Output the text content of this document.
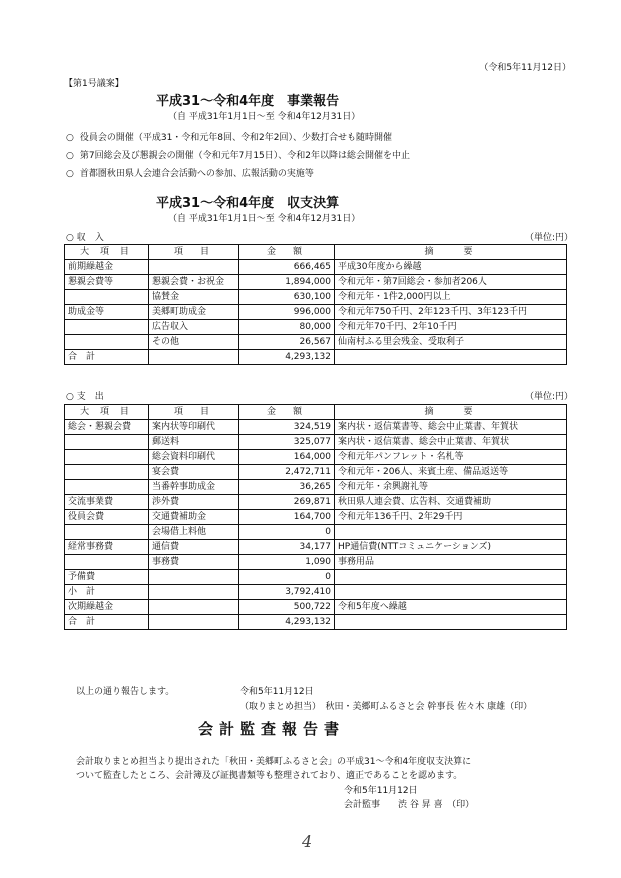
（令和5年11月12日）
【第1号議案】
平成31～令和4年度　事業報告
（自 平成31年1月1日～至 令和4年12月31日）
○ 役員会の開催（平成31・令和元年8回、令和2年2回）、少数打合せも随時開催
○ 第7回総会及び懇親会の開催（令和元年7月15日）、令和2年以降は総会開催を中止
○ 首都圏秋田県人会連合会活動への参加、広報活動の実施等
平成31～令和4年度　収支決算
（自 平成31年1月1日～至 令和4年12月31日）
○ 収　入	（単位:円）
大 項 目	項　目	金　額	摘　　要
前期繰越金		666,465	平成30年度から繰越
懇親会費等	懇親会費・お祝金	1,894,000	令和元年・第7回総会・参加者206人
	協賛金	630,100	令和元年・1件2,000円以上
助成金等	美郷町助成金	996,000	令和元年750千円、2年123千円、3年123千円
	広告収入	80,000	令和元年70千円、2年10千円
	その他	26,567	仙南村ふる里会残金、受取利子
合　計		4,293,132	
○ 支　出	（単位:円）
大 項 目	項　目	金　額	摘　　要
総会・懇親会費	案内状等印刷代	324,519	案内状・返信葉書等、総会中止葉書、年賀状
	郵送料	325,077	案内状・返信葉書、総会中止葉書、年賀状
	総会資料印刷代	164,000	令和元年パンフレット・名札等
	宴会費	2,472,711	令和元年・206人、来賓土産、備品返送等
	当番幹事助成金	36,265	令和元年・余興謝礼等
交流事業費	渉外費	269,871	秋田県人連会費、広告料、交通費補助
役員会費	交通費補助金	164,700	令和元年136千円、2年29千円
	会場借上料他	0	
経常事務費	通信費	34,177	HP通信費(NTTコミュニケーションズ)
	事務費	1,090	事務用品
予備費		0	
小　計		3,792,410	
次期繰越金		500,722	令和5年度へ繰越
合　計		4,293,132	
以上の通り報告します。	令和5年11月12日
（取りまとめ担当）　秋田・美郷町ふるさと会 幹事長 佐々木 康雄（印）
会計監査報告書
会計取りまとめ担当より提出された「秋田・美郷町ふるさと会」の平成31～令和4年度収支決算に
ついて監査したところ、会計簿及び証拠書類等も整理されており、適正であることを認めます。
令和5年11月12日
会計監事　　渋 谷 昇 喜　（印）
4
